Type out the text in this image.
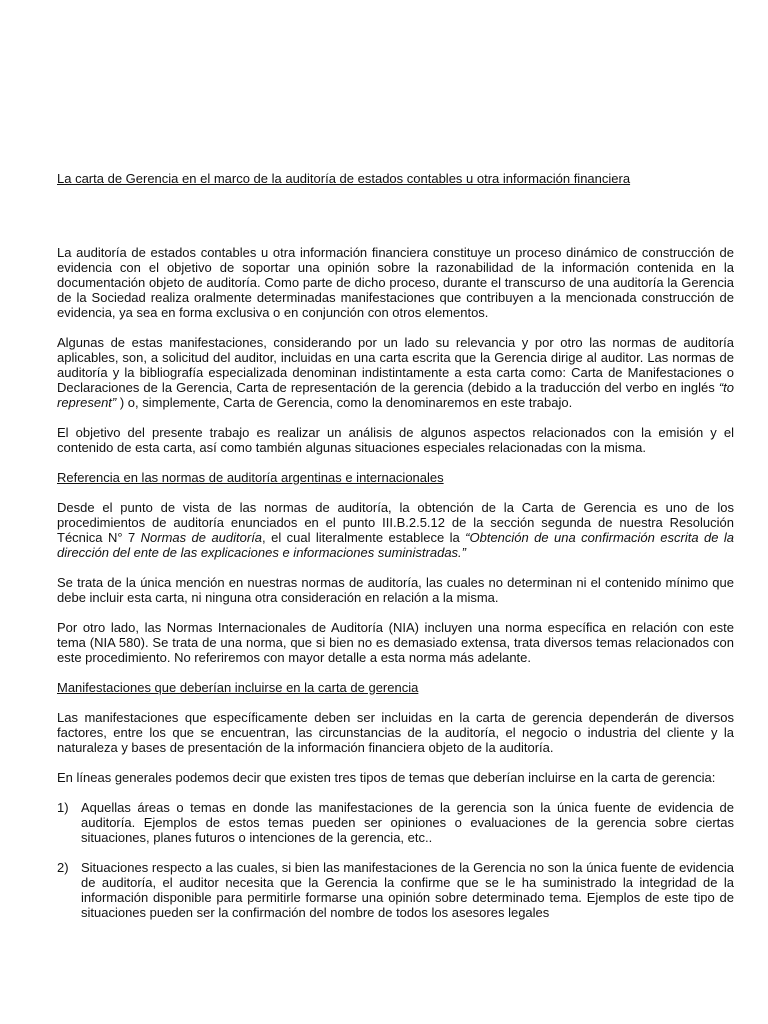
La carta de Gerencia en el marco de la auditoría de estados contables u otra información financiera

La auditoría de estados contables u otra información financiera constituye un proceso dinámico de construcción de evidencia con el objetivo de soportar una opinión sobre la razonabilidad de la información contenida en la documentación objeto de auditoría. Como parte de dicho proceso, durante el transcurso de una auditoría la Gerencia de la Sociedad realiza oralmente determinadas manifestaciones que contribuyen a la mencionada construcción de evidencia, ya sea en forma exclusiva o en conjunción con otros elementos.

Algunas de estas manifestaciones, considerando por un lado su relevancia y por otro las normas de auditoría aplicables, son, a solicitud del auditor, incluidas en una carta escrita que la Gerencia dirige al auditor. Las normas de auditoría y la bibliografía especializada denominan indistintamente a esta carta como: Carta de Manifestaciones o Declaraciones de la Gerencia, Carta de representación de la gerencia (debido a la traducción del verbo en inglés “to represent” ) o, simplemente, Carta de Gerencia, como la denominaremos en este trabajo.

El objetivo del presente trabajo es realizar un análisis de algunos aspectos relacionados con la emisión y el contenido de esta carta, así como también algunas situaciones especiales relacionadas con la misma.

Referencia en las normas de auditoría argentinas e internacionales

Desde el punto de vista de las normas de auditoría, la obtención de la Carta de Gerencia es uno de los procedimientos de auditoría enunciados en el punto III.B.2.5.12 de la sección segunda de nuestra Resolución Técnica N° 7 Normas de auditoría, el cual literalmente establece la “Obtención de una confirmación escrita de la dirección del ente de las explicaciones e informaciones suministradas.”

Se trata de la única mención en nuestras normas de auditoría, las cuales no determinan ni el contenido mínimo que debe incluir esta carta, ni ninguna otra consideración en relación a la misma.

Por otro lado, las Normas Internacionales de Auditoría (NIA) incluyen una norma específica en relación con este tema (NIA 580). Se trata de una norma, que si bien no es demasiado extensa, trata diversos temas relacionados con este procedimiento. No referiremos con mayor detalle a esta norma más adelante.

Manifestaciones que deberían incluirse en la carta de gerencia

Las manifestaciones que específicamente deben ser incluidas en la carta de gerencia dependerán de diversos factores, entre los que se encuentran, las circunstancias de la auditoría, el negocio o industria del cliente y la naturaleza y bases de presentación de la información financiera objeto de la auditoría.

En líneas generales podemos decir que existen tres tipos de temas que deberían incluirse en la carta de gerencia:

1) Aquellas áreas o temas en donde las manifestaciones de la gerencia son la única fuente de evidencia de auditoría. Ejemplos de estos temas pueden ser opiniones o evaluaciones de la gerencia sobre ciertas situaciones, planes futuros o intenciones de la gerencia, etc..
2) Situaciones respecto a las cuales, si bien las manifestaciones de la Gerencia no son la única fuente de evidencia de auditoría, el auditor necesita que la Gerencia la confirme que se le ha suministrado la integridad de la información disponible para permitirle formarse una opinión sobre determinado tema. Ejemplos de este tipo de situaciones pueden ser la confirmación del nombre de todos los asesores legales
